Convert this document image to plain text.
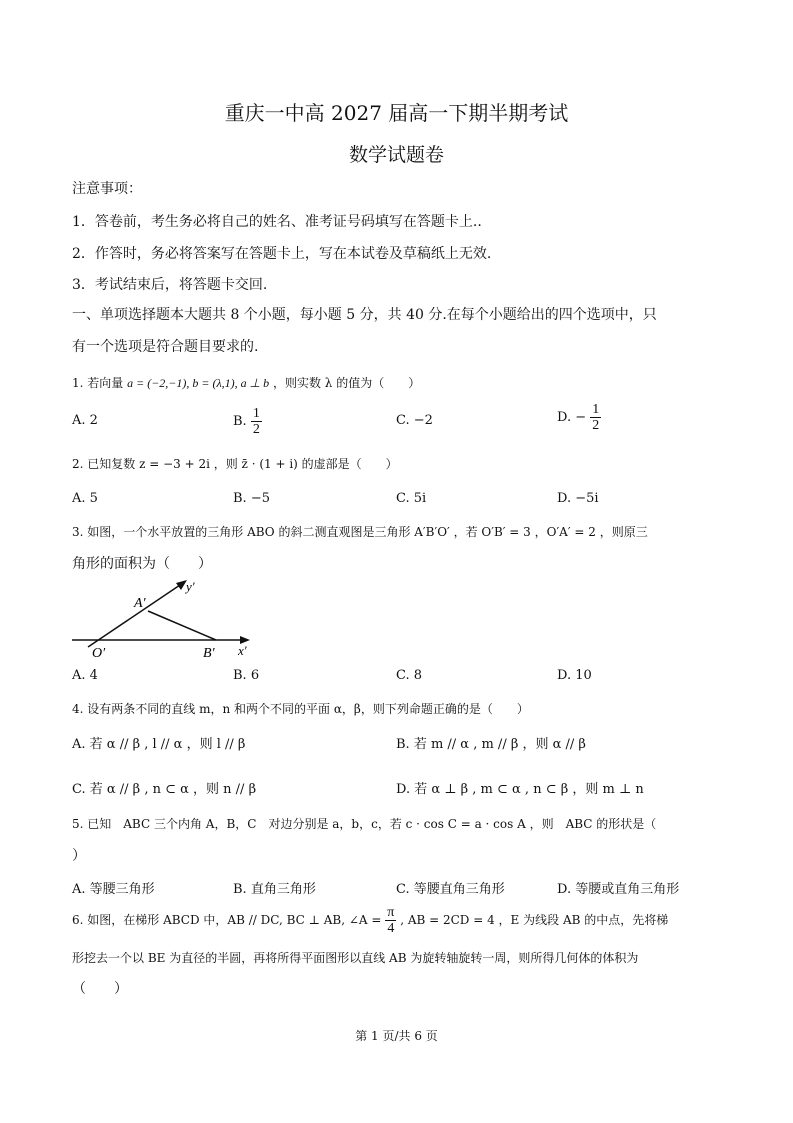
重庆一中高 2027 届高一下期半期考试
数学试题卷
注意事项：
1．答卷前，考生务必将自己的姓名、准考证号码填写在答题卡上..
2．作答时，务必将答案写在答题卡上，写在本试卷及草稿纸上无效.
3．考试结束后，将答题卡交回.
一、单项选择题本大题共 8 个小题，每小题 5 分，共 40 分.在每个小题给出的四个选项中，只
有一个选项是符合题目要求的.
1. 若向量 a = (−2,−1), b = (λ,1), a ⊥ b ，则实数 λ 的值为（　　）
A. 2	B. $\frac{1}{2}$	C. −2	D. − $\frac{1}{2}$
2. 已知复数 z = −3 + 2i ，则 z̄ · (1 + i) 的虚部是（　　）
A. 5	B. −5	C. 5i	D. −5i
3. 如图，一个水平放置的三角形 ABO 的斜二测直观图是三角形 A′B′O′ ，若 O′B′ = 3 ，O′A′ = 2 ，则原三
角形的面积为（　　）
A′
O′	B′ x′
y′
A. 4	B. 6	C. 8	D. 10
4. 设有两条不同的直线 m，n 和两个不同的平面 α，β，则下列命题正确的是（　　）
A. 若 α // β , l // α ，则 l // β	B. 若 m // α , m // β ，则 α // β
C. 若 α // β , n ⊂ α ，则 n // β	D. 若 α ⊥ β , m ⊂ α , n ⊂ β ，则 m ⊥ n
5. 已知　ABC 三个内角 A，B，C　对边分别是 a，b，c，若 c · cos C = a · cos A ，则　ABC 的形状是（
）
A. 等腰三角形	B. 直角三角形	C. 等腰直角三角形	D. 等腰或直角三角形
6. 如图，在梯形 ABCD 中，AB // DC, BC ⊥ AB, ∠A = $\frac{\pi}{4}$ , AB = 2CD = 4 ，E 为线段 AB 的中点，先将梯
形挖去一个以 BE 为直径的半圆，再将所得平面图形以直线 AB 为旋转轴旋转一周，则所得几何体的体积为
（　　）
第 1 页/共 6 页
